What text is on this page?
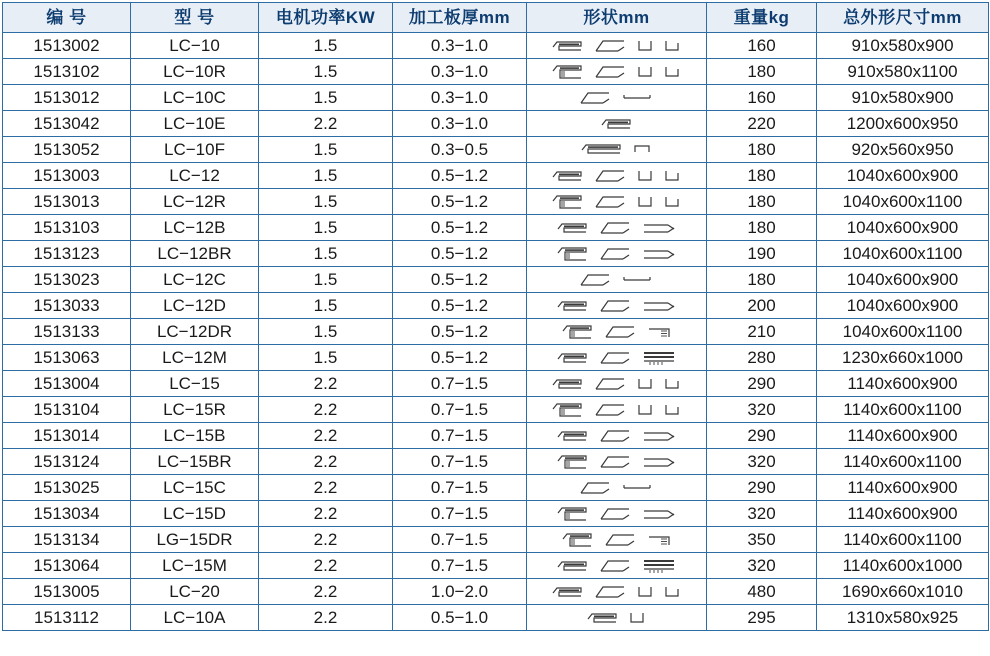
编 号	型 号	电机功率KW	加工板厚mm	形状mm	重量kg	总外形尺寸mm
1513002	LC−10	1.5	0.3−1.0		160	910x580x900
1513102	LC−10R	1.5	0.3−1.0		180	910x580x1100
1513012	LC−10C	1.5	0.3−1.0		160	910x580x900
1513042	LC−10E	2.2	0.3−1.0		220	1200x600x950
1513052	LC−10F	1.5	0.3−0.5		180	920x560x950
1513003	LC−12	1.5	0.5−1.2		180	1040x600x900
1513013	LC−12R	1.5	0.5−1.2		180	1040x600x1100
1513103	LC−12B	1.5	0.5−1.2		180	1040x600x900
1513123	LC−12BR	1.5	0.5−1.2		190	1040x600x1100
1513023	LC−12C	1.5	0.5−1.2		180	1040x600x900
1513033	LC−12D	1.5	0.5−1.2		200	1040x600x900
1513133	LC−12DR	1.5	0.5−1.2		210	1040x600x1100
1513063	LC−12M	1.5	0.5−1.2		280	1230x660x1000
1513004	LC−15	2.2	0.7−1.5		290	1140x600x900
1513104	LC−15R	2.2	0.7−1.5		320	1140x600x1100
1513014	LC−15B	2.2	0.7−1.5		290	1140x600x900
1513124	LC−15BR	2.2	0.7−1.5		320	1140x600x1100
1513025	LC−15C	2.2	0.7−1.5		290	1140x600x900
1513034	LC−15D	2.2	0.7−1.5		320	1140x600x900
1513134	LG−15DR	2.2	0.7−1.5		350	1140x600x1100
1513064	LC−15M	2.2	0.7−1.5		320	1140x600x1000
1513005	LC−20	2.2	1.0−2.0		480	1690x660x1010
1513112	LC−10A	2.2	0.5−1.0		295	1310x580x925
